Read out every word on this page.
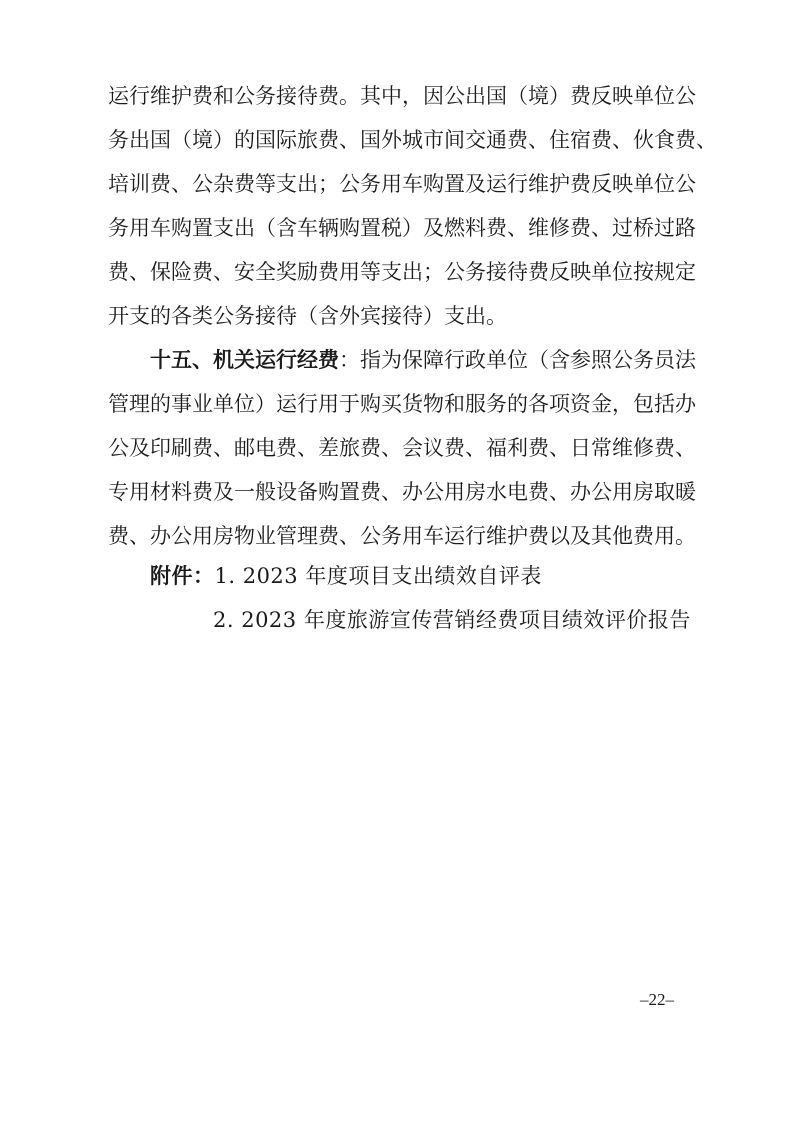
运行维护费和公务接待费。其中，因公出国（境）费反映单位公
务出国（境）的国际旅费、国外城市间交通费、住宿费、伙食费、
培训费、公杂费等支出；公务用车购置及运行维护费反映单位公
务用车购置支出（含车辆购置税）及燃料费、维修费、过桥过路
费、保险费、安全奖励费用等支出；公务接待费反映单位按规定
开支的各类公务接待（含外宾接待）支出。
十五、机关运行经费：指为保障行政单位（含参照公务员法
管理的事业单位）运行用于购买货物和服务的各项资金，包括办
公及印刷费、邮电费、差旅费、会议费、福利费、日常维修费、
专用材料费及一般设备购置费、办公用房水电费、办公用房取暖
费、办公用房物业管理费、公务用车运行维护费以及其他费用。
附件：1. 2023 年度项目支出绩效自评表
2. 2023 年度旅游宣传营销经费项目绩效评价报告
–22–
